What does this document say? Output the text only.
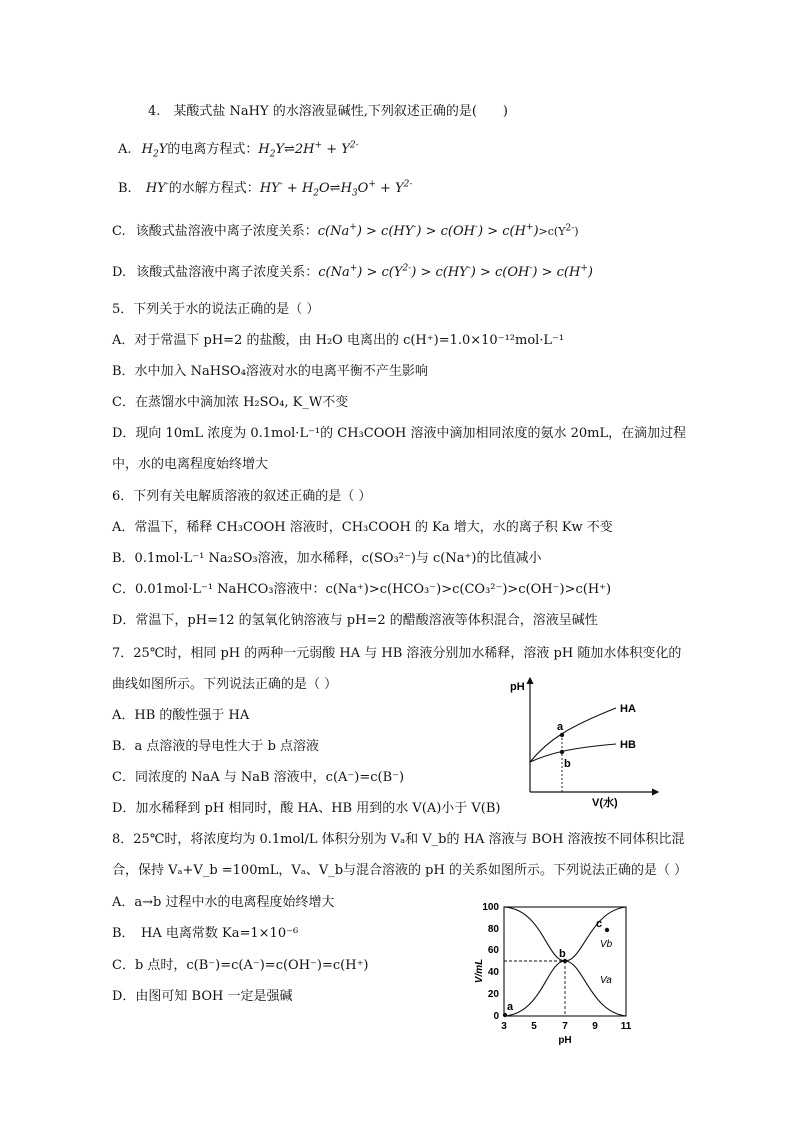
4.　某酸式盐 NaHY 的水溶液显碱性,下列叙述正确的是(　　)
A. $H_2Y$的电离方程式：$H_2Y\rightleftharpoons 2H^+ + Y^{2-}$
B. HY-的水解方程式：$HY^- + H_2O\rightleftharpoons H_3O^+ + Y^{2-}$
C. 该酸式盐溶液中离子浓度关系：$c(Na^+) > c(HY^-) > c(OH^-) > c(H^+)>c(Y^{2-})$
D. 该酸式盐溶液中离子浓度关系：$c(Na^+) > c(Y^{2-}) > c(HY^-) > c(OH^-) > c(H^+)$
5．下列关于水的说法正确的是（ ）
A．对于常温下 pH=2 的盐酸，由 H₂O 电离出的 c(H⁺)=1.0×10⁻¹²mol·L⁻¹
B．水中加入 NaHSO₄溶液对水的电离平衡不产生影响
C．在蒸馏水中滴加浓 H₂SO₄, K_W不变
D．现向 10mL 浓度为 0.1mol·L⁻¹的 CH₃COOH 溶液中滴加相同浓度的氨水 20mL，在滴加过程
中，水的电离程度始终增大
6．下列有关电解质溶液的叙述正确的是（ ）
A．常温下，稀释 CH₃COOH 溶液时，CH₃COOH 的 Ka 增大，水的离子积 Kw 不变
B．0.1mol·L⁻¹ Na₂SO₃溶液，加水稀释，c(SO₃²⁻)与 c(Na⁺)的比值减小
C．0.01mol·L⁻¹ NaHCO₃溶液中：c(Na⁺)>c(HCO₃⁻)>c(CO₃²⁻)>c(OH⁻)>c(H⁺)
D．常温下，pH=12 的氢氧化钠溶液与 pH=2 的醋酸溶液等体积混合，溶液呈碱性
7．25℃时，相同 pH 的两种一元弱酸 HA 与 HB 溶液分别加水稀释，溶液 pH 随加水体积变化的
曲线如图所示。下列说法正确的是（ ）
A．HB 的酸性强于 HA
B．a 点溶液的导电性大于 b 点溶液
C．同浓度的 NaA 与 NaB 溶液中，c(A⁻)=c(B⁻)
D．加水稀释到 pH 相同时，酸 HA、HB 用到的水 V(A)小于 V(B)
pH
V(水)
HA
HB
a
b
8．25℃时，将浓度均为 0.1mol/L 体积分别为 Vₐ和 V_b的 HA 溶液与 BOH 溶液按不同体积比混
合，保持 Vₐ+V_b =100mL，Vₐ、V_b与混合溶液的 pH 的关系如图所示。下列说法正确的是（ ）
A．a→b 过程中水的电离程度始终增大
B．　HA 电离常数 Ka=1×10⁻⁶
C．b 点时，c(B⁻)=c(A⁻)=c(OH⁻)=c(H⁺)
D．由图可知 BOH 一定是强碱
0
20
40
60
80
100
3 5	7 9 11
V/mL
pH
a
b
c
Vb
Va
